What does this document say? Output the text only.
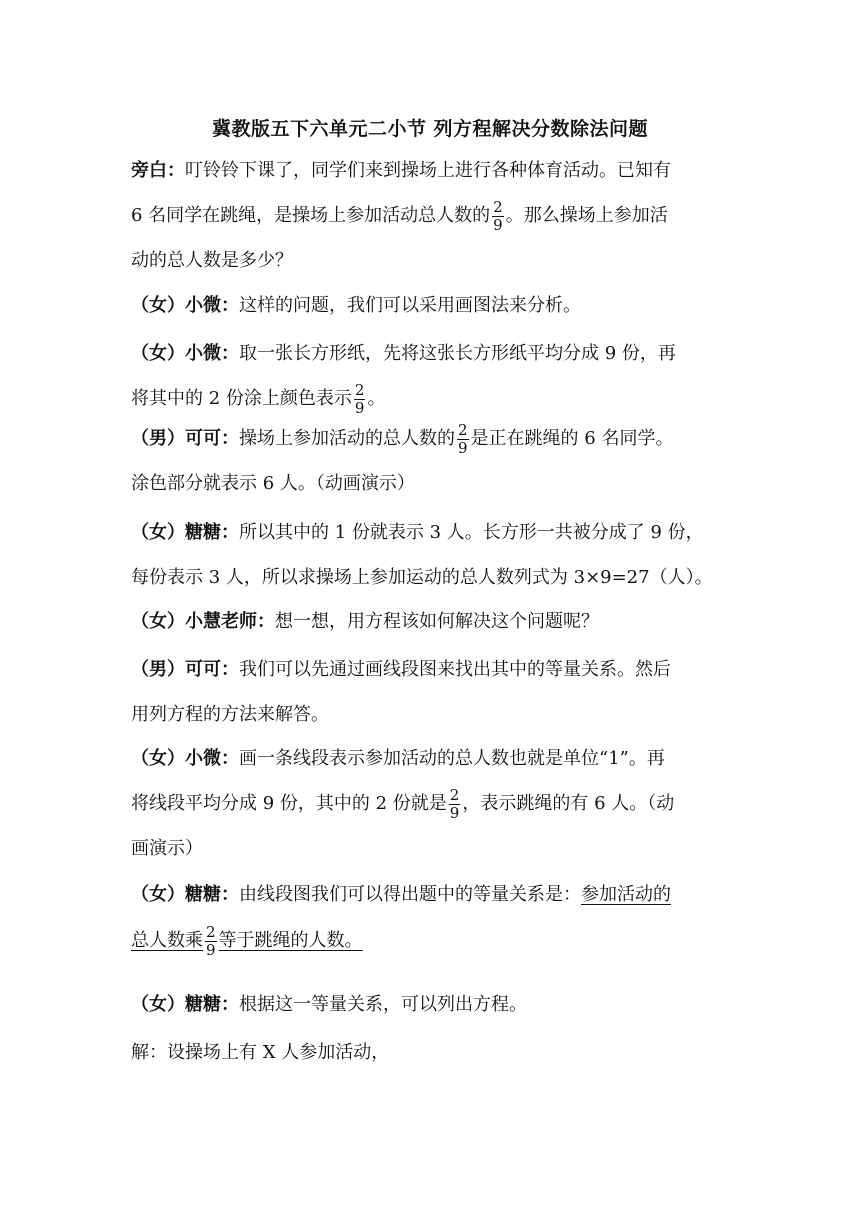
冀教版五下六单元二小节 列方程解决分数除法问题
旁白：叮铃铃下课了，同学们来到操场上进行各种体育活动。已知有
6 名同学在跳绳，是操场上参加活动总人数的 $\frac{2}{9}$ 。那么操场上参加活
动的总人数是多少？
（女）小微：这样的问题，我们可以采用画图法来分析。
（女）小微：取一张长方形纸，先将这张长方形纸平均分成 9 份，再
将其中的 2 份涂上颜色表示 $\frac{2}{9}$ 。
（男）可可：操场上参加活动的总人数的 $\frac{2}{9}$ 是正在跳绳的 6 名同学。
涂色部分就表示 6 人。（动画演示）
（女）糖糖：所以其中的 1 份就表示 3 人。长方形一共被分成了 9 份，
每份表示 3 人，所以求操场上参加运动的总人数列式为 3×9=27（人）。
（女）小慧老师：想一想，用方程该如何解决这个问题呢？
（男）可可：我们可以先通过画线段图来找出其中的等量关系。然后
用列方程的方法来解答。
（女）小微：画一条线段表示参加活动的总人数也就是单位“1”。再
将线段平均分成 9 份，其中的 2 份就是 $\frac{2}{9}$ ，表示跳绳的有 6 人。（动
画演示）
（女）糖糖：由线段图我们可以得出题中的等量关系是：参加活动的
总人数乘 $\frac{2}{9}$ 等于跳绳的人数。
（女）糖糖：根据这一等量关系，可以列出方程。
解：设操场上有 X 人参加活动，
